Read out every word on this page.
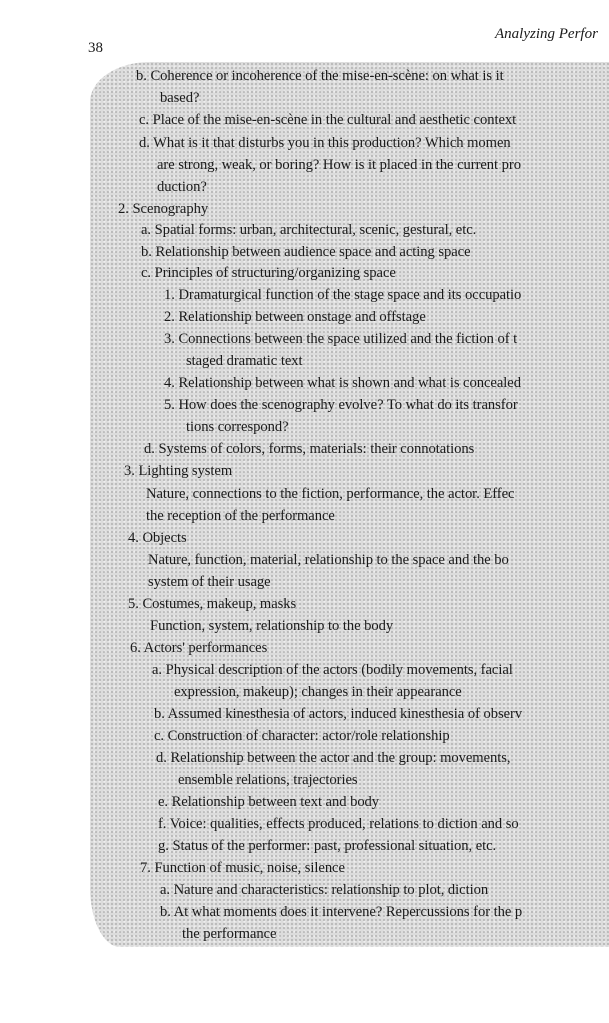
38
Analyzing Perfor
b. Coherence or incoherence of the mise-en-scène: on what is it
based?
c. Place of the mise-en-scène in the cultural and aesthetic context
d. What is it that disturbs you in this production? Which momen
are strong, weak, or boring? How is it placed in the current pro
duction?
2. Scenography
a. Spatial forms: urban, architectural, scenic, gestural, etc.
b. Relationship between audience space and acting space
c. Principles of structuring/organizing space
1. Dramaturgical function of the stage space and its occupatio
2. Relationship between onstage and offstage
3. Connections between the space utilized and the fiction of t
staged dramatic text
4. Relationship between what is shown and what is concealed
5. How does the scenography evolve? To what do its transfor
tions correspond?
d. Systems of colors, forms, materials: their connotations
3. Lighting system
Nature, connections to the fiction, performance, the actor. Effec
the reception of the performance
4. Objects
Nature, function, material, relationship to the space and the bo
system of their usage
5. Costumes, makeup, masks
Function, system, relationship to the body
6. Actors' performances
a. Physical description of the actors (bodily movements, facial
expression, makeup); changes in their appearance
b. Assumed kinesthesia of actors, induced kinesthesia of observ
c. Construction of character: actor/role relationship
d. Relationship between the actor and the group: movements,
ensemble relations, trajectories
e. Relationship between text and body
f. Voice: qualities, effects produced, relations to diction and so
g. Status of the performer: past, professional situation, etc.
7. Function of music, noise, silence
a. Nature and characteristics: relationship to plot, diction
b. At what moments does it intervene? Repercussions for the p
the performance
